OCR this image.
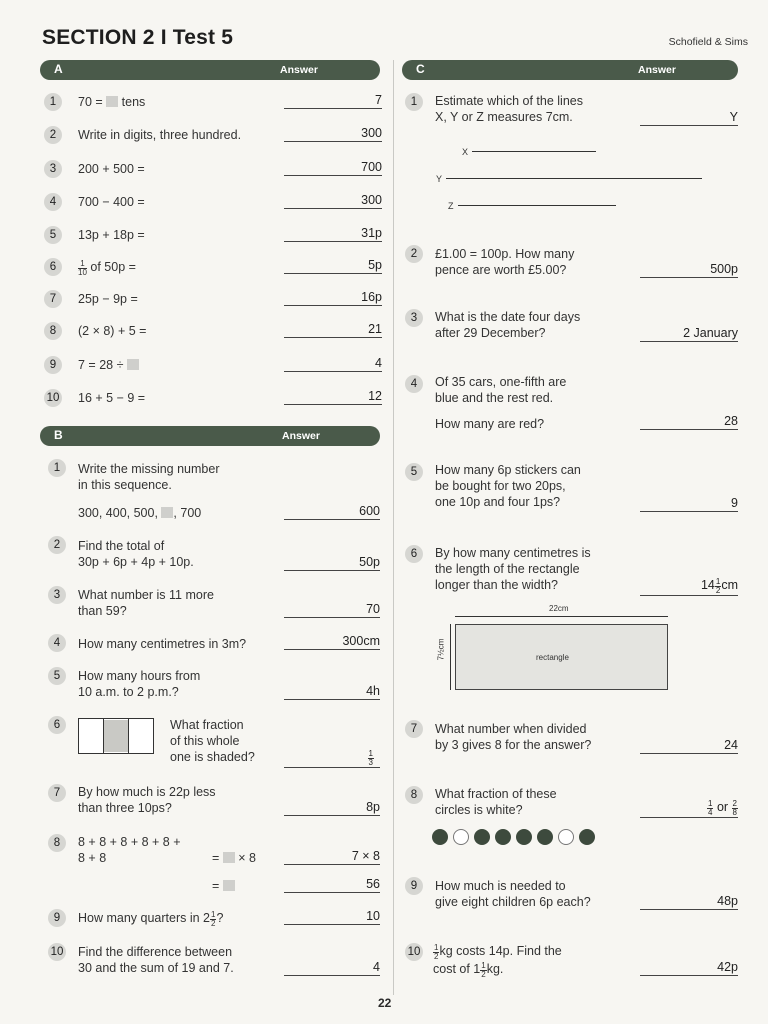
SECTION 2 I Test 5	Schofield & Sims
A	Answer
1	70 = tens	7
2	Write in digits, three hundred.	300
3	200 + 500 =	700
4	700 − 400 =	300
5	13p + 18p =	31p
6	$\frac{1}{10}$ of 50p =	5p
7	25p − 9p =	16p
8	(2 × 8) + 5 =	21
9	7 = 28 ÷	4
10 16 + 5 − 9 =	12
B	Answer
1	Write the missing number
in this sequence.
300, 400, 500, , 700	600
2	Find the total of
30p + 6p + 4p + 10p.	50p
3	What number is 11 more
than 59?	70
4	How many centimetres in 3m?	300cm
5	How many hours from
10 a.m. to 2 p.m.?	4h
6	What fraction
of this whole
one is shaded?	$\frac{1}{3}$
7	By how much is 22p less
than three 10ps?	8p
8	8 + 8 + 8 + 8 + 8 +
8 + 8	=  × 8	7 × 8
=	56
9	How many quarters in $2 \frac{1}{2}$ ?	10
10 Find the difference between
30 and the sum of 19 and 7.	4
C	Answer
1	Estimate which of the lines
X, Y or Z measures 7cm.	Y
X
Y
Z
2	£1.00 = 100p. How many
pence are worth £5.00?	500p
3	What is the date four days
after 29 December?	2 January
4	Of 35 cars, one-fifth are
blue and the rest red.
How many are red?	28
5	How many 6p stickers can
be bought for two 20ps,
one 10p and four 1ps?	9
6	By how many centimetres is
the length of the rectangle
longer than the width?	$14 \frac{1}{2}$ cm
22cm
7½cm	rectangle
7	What number when divided
by 3 gives 8 for the answer?	24
8	What fraction of these
circles is white?	$\frac{1}{4}$ or $\frac{2}{8}$
9	How much is needed to
give eight children 6p each?	48p
10	$\frac{1}{2}$ kg costs 14p. Find the
cost of $1 \frac{1}{2}$ kg.	42p
22
